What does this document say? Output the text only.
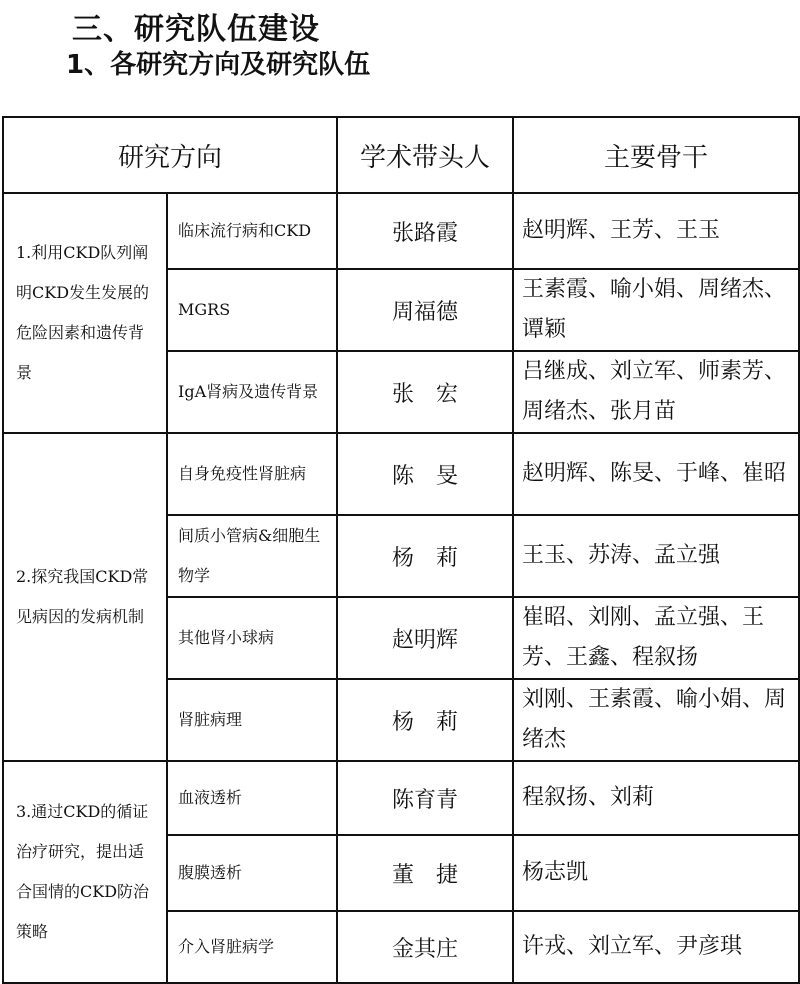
三、研究队伍建设
1、各研究方向及研究队伍
研究方向		学术带头人	主要骨干
1.利用CKD队列阐明CKD发生发展的危险因素和遗传背景	临床流行病和CKD	张路霞	赵明辉、王芳、王玉
	MGRS	周福德	王素霞、喻小娟、周绪杰、谭颖
	IgA肾病及遗传背景	张　宏	吕继成、刘立军、师素芳、周绪杰、张月苗
2.探究我国CKD常见病因的发病机制	自身免疫性肾脏病	陈　旻	赵明辉、陈旻、于峰、崔昭
	间质小管病&细胞生物学	杨　莉	王玉、苏涛、孟立强
	其他肾小球病	赵明辉	崔昭、刘刚、孟立强、王芳、王鑫、程叙扬
	肾脏病理	杨　莉	刘刚、王素霞、喻小娟、周绪杰
3.通过CKD的循证治疗研究，提出适合国情的CKD防治策略	血液透析	陈育青	程叙扬、刘莉
	腹膜透析	董　捷	杨志凯
	介入肾脏病学	金其庄	许戎、刘立军、尹彦琪
